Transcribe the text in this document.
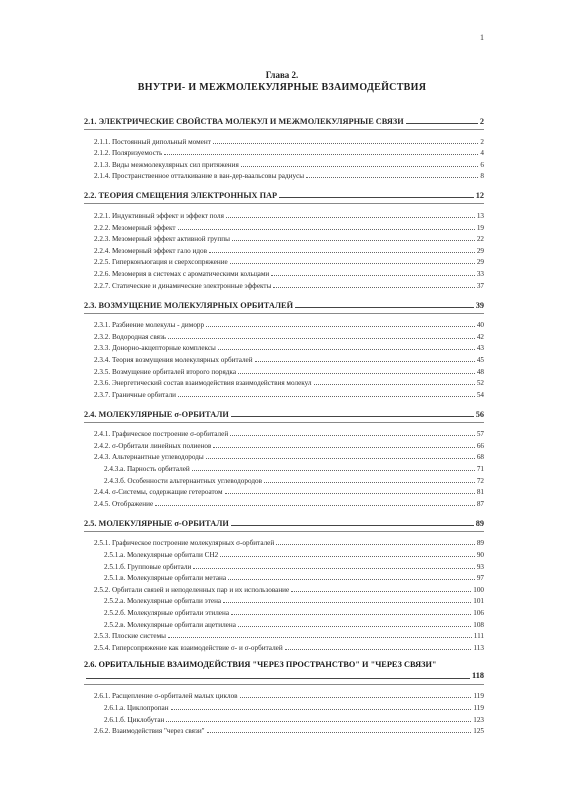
1
Глава 2.
ВНУТРИ- И МЕЖМОЛЕКУЛЯРНЫЕ ВЗАИМОДЕЙСТВИЯ
2.1. ЭЛЕКТРИЧЕСКИЕ СВОЙСТВА МОЛЕКУЛ И МЕЖМОЛЕКУЛЯРНЫЕ СВЯЗИ	2
2.1.1. Постоянный дипольный момент	2
2.1.2. Поляризуемость	4
2.1.3. Виды межмолекулярных сил притяжения	6
2.1.4. Пространственное отталкивание в ван-дер-ваальсовы радиусы	8
2.2. ТЕОРИЯ СМЕЩЕНИЯ ЭЛЕКТРОННЫХ ПАР	12
2.2.1. Индуктивный эффект и эффект поля	13
2.2.2. Мезомерный эффект	19
2.2.3. Мезомерный эффект активной группы	22
2.2.4. Мезомерный эффект гало идов	29
2.2.5. Гиперконъюгация и сверхсопряжение	29
2.2.6. Мезомерия в системах с ароматическими кольцами	33
2.2.7. Статические и динамические электронные эффекты	37
2.3. ВОЗМУЩЕНИЕ МОЛЕКУЛЯРНЫХ ОРБИТАЛЕЙ	39
2.3.1. Разбиение молекулы - диморр	40
2.3.2. Водородная связь	42
2.3.3. Донорно-акцепторные комплексы	43
2.3.4. Теория возмущения молекулярных орбиталей	45
2.3.5. Возмущение орбиталей второго порядка	48
2.3.6. Энергетический состав взаимодействия взаимодействия молекул	52
2.3.7. Граничные орбитали	54
2.4. МОЛЕКУЛЯРНЫЕ σ-ОРБИТАЛИ	56
2.4.1. Графическое построение σ-орбиталей	57
2.4.2. σ-Орбитали линейных полиенов	66
2.4.3. Альтернантные углеводороды	68
2.4.3.а. Парность орбиталей	71
2.4.3.б. Особенности альтернантных углеводородов	72
2.4.4. σ-Системы, содержащие гетероатом	81
2.4.5. Отображение	87
2.5. МОЛЕКУЛЯРНЫЕ σ-ОРБИТАЛИ	89
2.5.1. Графическое построение молекулярных σ-орбиталей	89
2.5.1.а. Молекулярные орбитали CH2	90
2.5.1.б. Групповые орбитали	93
2.5.1.в. Молекулярные орбитали метана	97
2.5.2. Орбитали связей и неподеленных пар и их использование	100
2.5.2.а. Молекулярные орбитали этена	101
2.5.2.б. Молекулярные орбитали этилена	106
2.5.2.в. Молекулярные орбитали ацетилена	108
2.5.3. Плоские системы	111
2.5.4. Гиперсопряжение как взаимодействие σ- и σ-орбиталей	113
2.6. ОРБИТАЛЬНЫЕ ВЗАИМОДЕЙСТВИЯ "ЧЕРЕЗ ПРОСТРАНСТВО" И "ЧЕРЕЗ СВЯЗИ"
118
2.6.1. Расщепление σ-орбиталей малых циклов	119
2.6.1.а. Циклопропан	119
2.6.1.б. Циклобутан	123
2.6.2. Взаимодействия "через связи"	125
